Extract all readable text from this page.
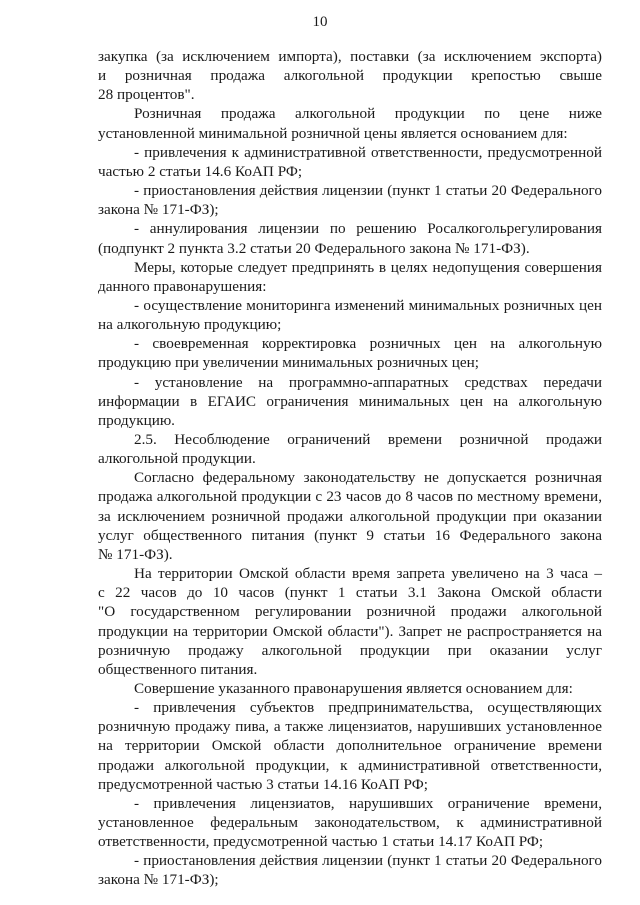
10
закупка (за исключением импорта), поставки (за исключением экспорта)
и розничная продажа алкогольной продукции крепостью свыше
28 процентов".
Розничная продажа алкогольной продукции по цене ниже
установленной минимальной розничной цены является основанием для:
- привлечения к административной ответственности, предусмотренной
частью 2 статьи 14.6 КоАП РФ;
- приостановления действия лицензии (пункт 1 статьи 20 Федерального
закона № 171-ФЗ);
- аннулирования лицензии по решению Росалкогольрегулирования
(подпункт 2 пункта 3.2 статьи 20 Федерального закона № 171-ФЗ).
Меры, которые следует предпринять в целях недопущения совершения
данного правонарушения:
- осуществление мониторинга изменений минимальных розничных цен
на алкогольную продукцию;
- своевременная корректировка розничных цен на алкогольную
продукцию при увеличении минимальных розничных цен;
- установление на программно-аппаратных средствах передачи
информации в ЕГАИС ограничения минимальных цен на алкогольную
продукцию.
2.5. Несоблюдение ограничений времени розничной продажи
алкогольной продукции.
Согласно федеральному законодательству не допускается розничная
продажа алкогольной продукции с 23 часов до 8 часов по местному времени,
за исключением розничной продажи алкогольной продукции при оказании
услуг общественного питания (пункт 9 статьи 16 Федерального закона
№ 171-ФЗ).
На территории Омской области время запрета увеличено на 3 часа –
с 22 часов до 10 часов (пункт 1 статьи 3.1 Закона Омской области
"О государственном регулировании розничной продажи алкогольной
продукции на территории Омской области"). Запрет не распространяется на
розничную продажу алкогольной продукции при оказании услуг
общественного питания.
Совершение указанного правонарушения является основанием для:
- привлечения субъектов предпринимательства, осуществляющих
розничную продажу пива, а также лицензиатов, нарушивших установленное
на территории Омской области дополнительное ограничение времени
продажи алкогольной продукции, к административной ответственности,
предусмотренной частью 3 статьи 14.16 КоАП РФ;
- привлечения лицензиатов, нарушивших ограничение времени,
установленное федеральным законодательством, к административной
ответственности, предусмотренной частью 1 статьи 14.17 КоАП РФ;
- приостановления действия лицензии (пункт 1 статьи 20 Федерального
закона № 171-ФЗ);
